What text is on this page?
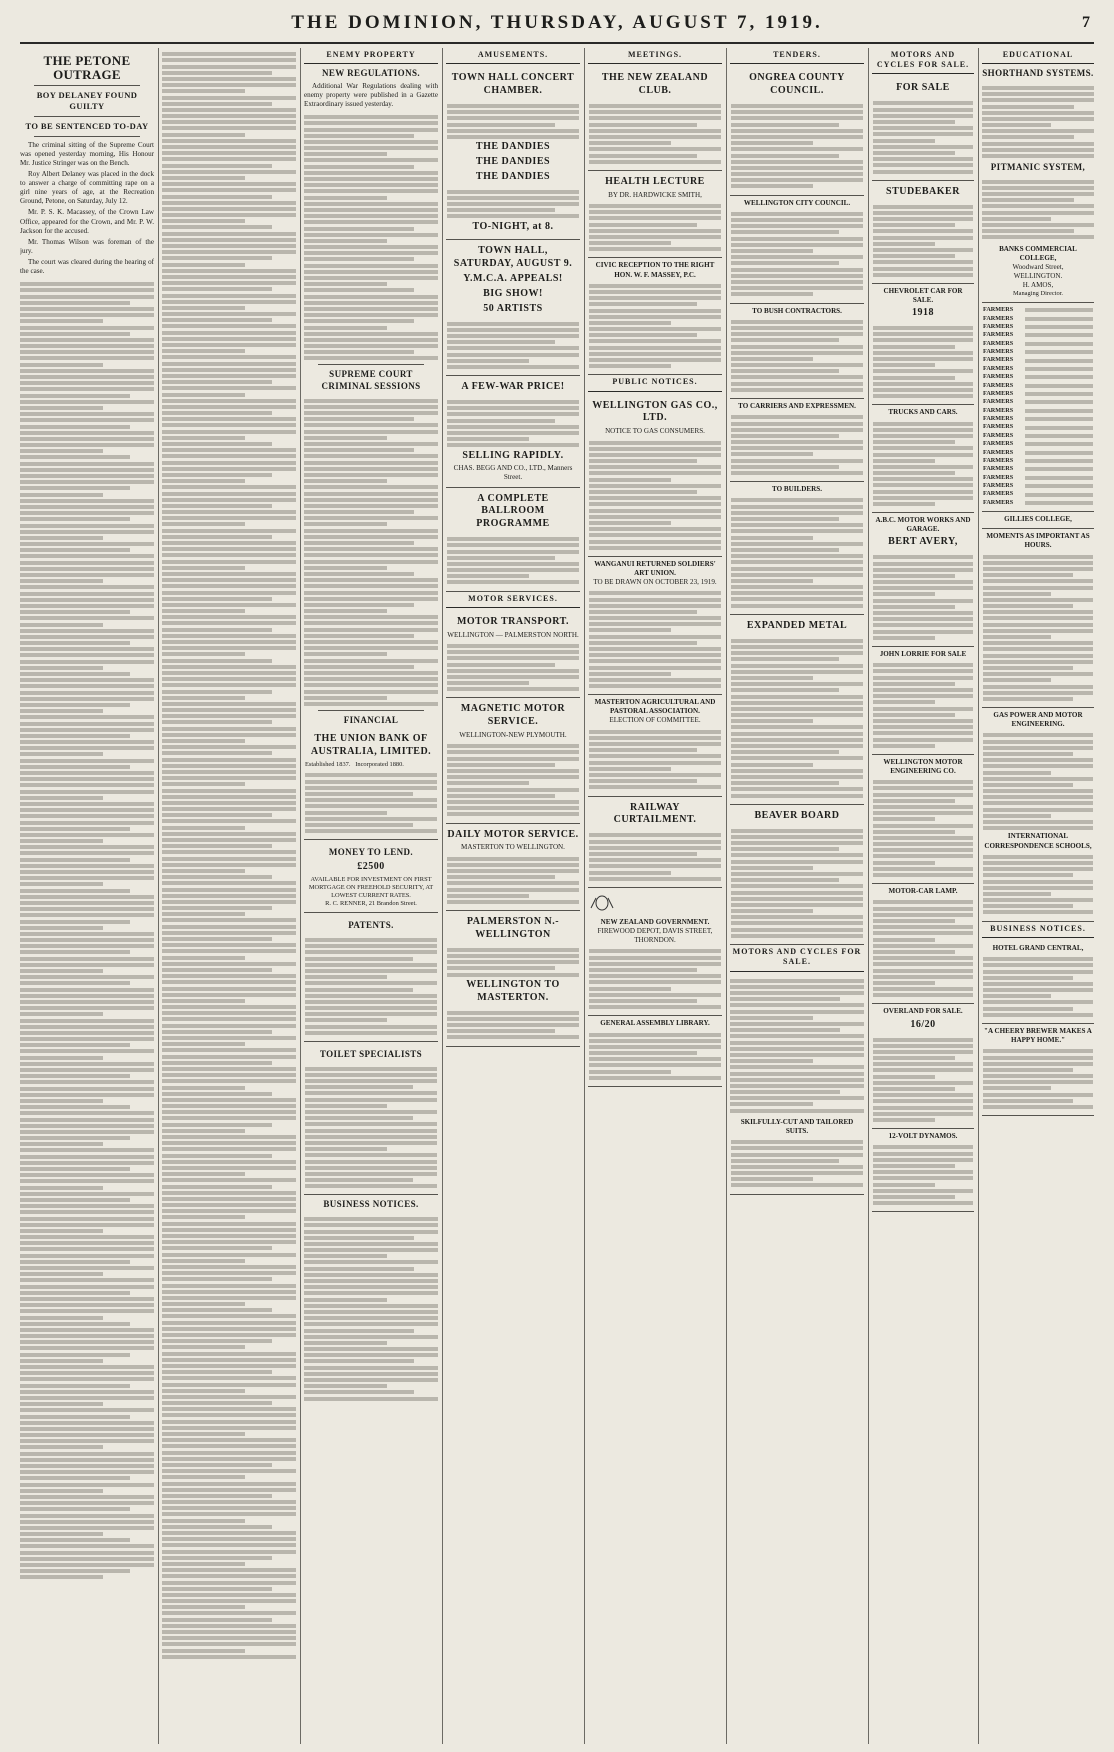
THE DOMINION, THURSDAY, AUGUST 7, 1919.	7
THE PETONE OUTRAGE
BOY DELANEY FOUND GUILTY
TO BE SENTENCED TO-DAY

The criminal sitting of the Supreme Court was opened yesterday morning, His Honour Mr. Justice Stringer was on the Bench.

Roy Albert Delaney was placed in the dock to answer a charge of committing rape on a girl nine years of age, at the Recreation Ground, Petone, on Saturday, July 12.

Mr. P. S. K. Macassey, of the Crown Law Office, appeared for the Crown, and Mr. P. W. Jackson for the accused.

Mr. Thomas Wilson was foreman of the jury.

The court was cleared during the hearing of the case.

ENEMY PROPERTY
NEW REGULATIONS.

Additional War Regulations dealing with enemy property were published in a Gazette Extraordinary issued yesterday.

SUPREME COURT CRIMINAL SESSIONS
FINANCIAL
THE UNION BANK OF AUSTRALIA, LIMITED.
Established 1837. Incorporated 1880.
MONEY TO LEND.
£2500
AVAILABLE FOR INVESTMENT ON FIRST MORTGAGE ON FREEHOLD SECURITY, AT LOWEST CURRENT RATES.
R. C. RENNER, 21 Brandon Street.
PATENTS.
TOILET SPECIALISTS
BUSINESS NOTICES.
AMUSEMENTS.
TOWN HALL CONCERT CHAMBER.
THE DANDIES
THE DANDIES
THE DANDIES
TO-NIGHT, at 8.
TOWN HALL, SATURDAY, AUGUST 9.
Y.M.C.A. APPEALS!
BIG SHOW!
50 ARTISTS
A FEW-WAR PRICE!
SELLING RAPIDLY.
CHAS. BEGG AND CO., LTD., Manners Street.
A COMPLETE BALLROOM PROGRAMME
MOTOR SERVICES.
MOTOR TRANSPORT.
WELLINGTON — PALMERSTON NORTH.
MAGNETIC MOTOR SERVICE.
WELLINGTON-NEW PLYMOUTH.
DAILY MOTOR SERVICE.
MASTERTON TO WELLINGTON.
PALMERSTON N.-WELLINGTON
WELLINGTON TO MASTERTON.
MEETINGS.
THE NEW ZEALAND CLUB.
HEALTH LECTURE
BY DR. HARDWICKE SMITH,
CIVIC RECEPTION TO THE RIGHT HON. W. F. MASSEY, P.C.
PUBLIC NOTICES.
WELLINGTON GAS CO., LTD.
NOTICE TO GAS CONSUMERS.
WANGANUI RETURNED SOLDIERS' ART UNION.
TO BE DRAWN ON OCTOBER 23, 1919.
MASTERTON AGRICULTURAL AND PASTORAL ASSOCIATION.
ELECTION OF COMMITTEE.
RAILWAY CURTAILMENT.
NEW ZEALAND GOVERNMENT.
FIREWOOD DEPOT, DAVIS STREET, THORNDON.
GENERAL ASSEMBLY LIBRARY.
TENDERS.
ONGREA COUNTY COUNCIL.
WELLINGTON CITY COUNCIL.
TO BUSH CONTRACTORS.
TO CARRIERS AND EXPRESSMEN.
TO BUILDERS.
EXPANDED METAL
BEAVER BOARD
MOTORS AND CYCLES FOR SALE.
SKILFULLY-CUT AND TAILORED SUITS.
MOTORS AND CYCLES FOR SALE.
FOR SALE
STUDEBAKER
CHEVROLET CAR FOR SALE.
1918
TRUCKS AND CARS.
A.B.C. MOTOR WORKS AND GARAGE.
BERT AVERY,
JOHN LORRIE FOR SALE
WELLINGTON MOTOR ENGINEERING CO.
MOTOR-CAR LAMP.
OVERLAND FOR SALE.
16/20
12-VOLT DYNAMOS.
EDUCATIONAL
SHORTHAND SYSTEMS.
PITMANIC SYSTEM,
BANKS COMMERCIAL COLLEGE,
Woodward Street,
WELLINGTON.
H. AMOS,
Managing Director.
FARMERS
FARMERS
FARMERS
FARMERS
FARMERS
FARMERS
FARMERS
FARMERS
FARMERS
FARMERS
FARMERS
FARMERS
FARMERS
FARMERS
FARMERS
FARMERS
FARMERS
FARMERS
FARMERS
FARMERS
FARMERS
FARMERS
FARMERS
FARMERS
GILLIES COLLEGE,
MOMENTS AS IMPORTANT AS HOURS.
GAS POWER AND MOTOR ENGINEERING.
INTERNATIONAL CORRESPONDENCE SCHOOLS,
BUSINESS NOTICES.
HOTEL GRAND CENTRAL,
"A CHEERY BREWER MAKES A HAPPY HOME."
